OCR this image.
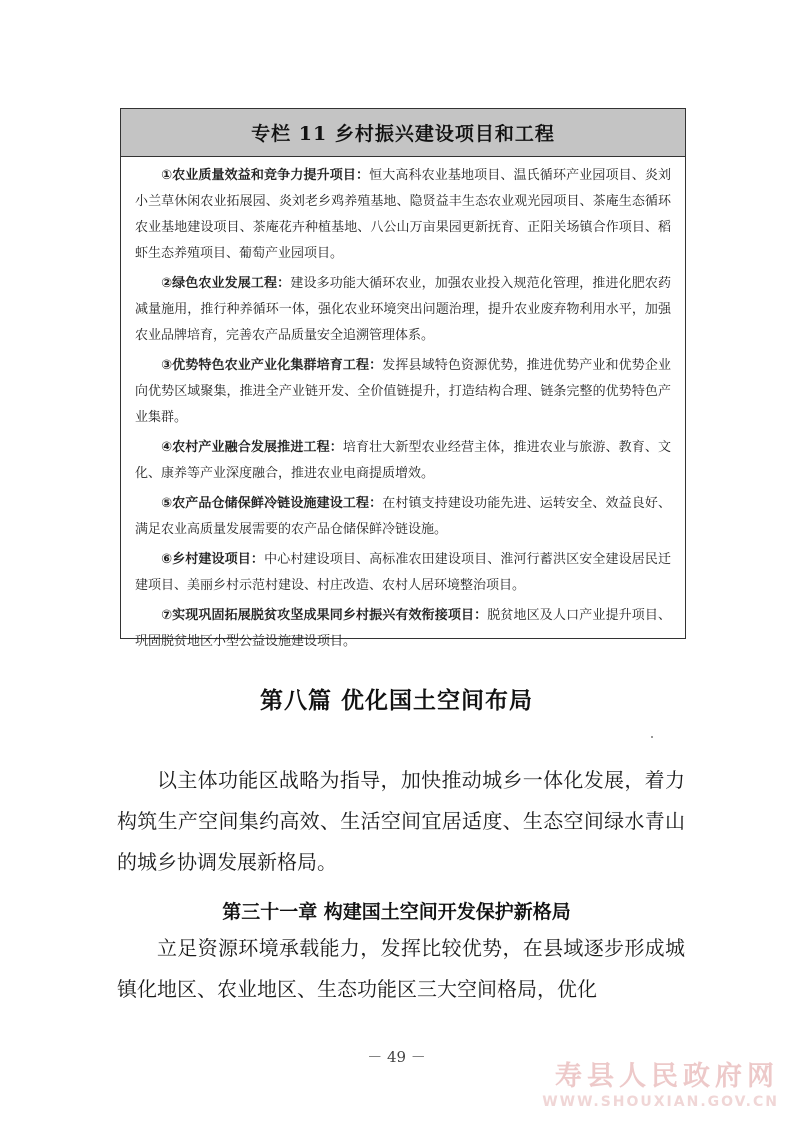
专栏 11 乡村振兴建设项目和工程

①农业质量效益和竞争力提升项目：恒大高科农业基地项目、温氏循环产业园项目、炎刘小兰草休闲农业拓展园、炎刘老乡鸡养殖基地、隐贤益丰生态农业观光园项目、茶庵生态循环农业基地建设项目、茶庵花卉种植基地、八公山万亩果园更新抚育、正阳关场镇合作项目、稻虾生态养殖项目、葡萄产业园项目。

②绿色农业发展工程：建设多功能大循环农业，加强农业投入规范化管理，推进化肥农药减量施用，推行种养循环一体，强化农业环境突出问题治理，提升农业废弃物利用水平，加强农业品牌培育，完善农产品质量安全追溯管理体系。

③优势特色农业产业化集群培育工程：发挥县域特色资源优势，推进优势产业和优势企业向优势区域聚集，推进全产业链开发、全价值链提升，打造结构合理、链条完整的优势特色产业集群。

④农村产业融合发展推进工程：培育壮大新型农业经营主体，推进农业与旅游、教育、文化、康养等产业深度融合，推进农业电商提质增效。

⑤农产品仓储保鲜冷链设施建设工程：在村镇支持建设功能先进、运转安全、效益良好、满足农业高质量发展需要的农产品仓储保鲜冷链设施。

⑥乡村建设项目：中心村建设项目、高标准农田建设项目、淮河行蓄洪区安全建设居民迁建项目、美丽乡村示范村建设、村庄改造、农村人居环境整治项目。

⑦实现巩固拓展脱贫攻坚成果同乡村振兴有效衔接项目：脱贫地区及人口产业提升项目、巩固脱贫地区小型公益设施建设项目。

第八篇 优化国土空间布局

以主体功能区战略为指导，加快推动城乡一体化发展，着力构筑生产空间集约高效、生活空间宜居适度、生态空间绿水青山的城乡协调发展新格局。

第三十一章 构建国土空间开发保护新格局

立足资源环境承载能力，发挥比较优势，在县域逐步形成城镇化地区、农业地区、生态功能区三大空间格局，优化

－ 49 －
寿县人民政府网
WWW.SHOUXIAN.GOV.CN
